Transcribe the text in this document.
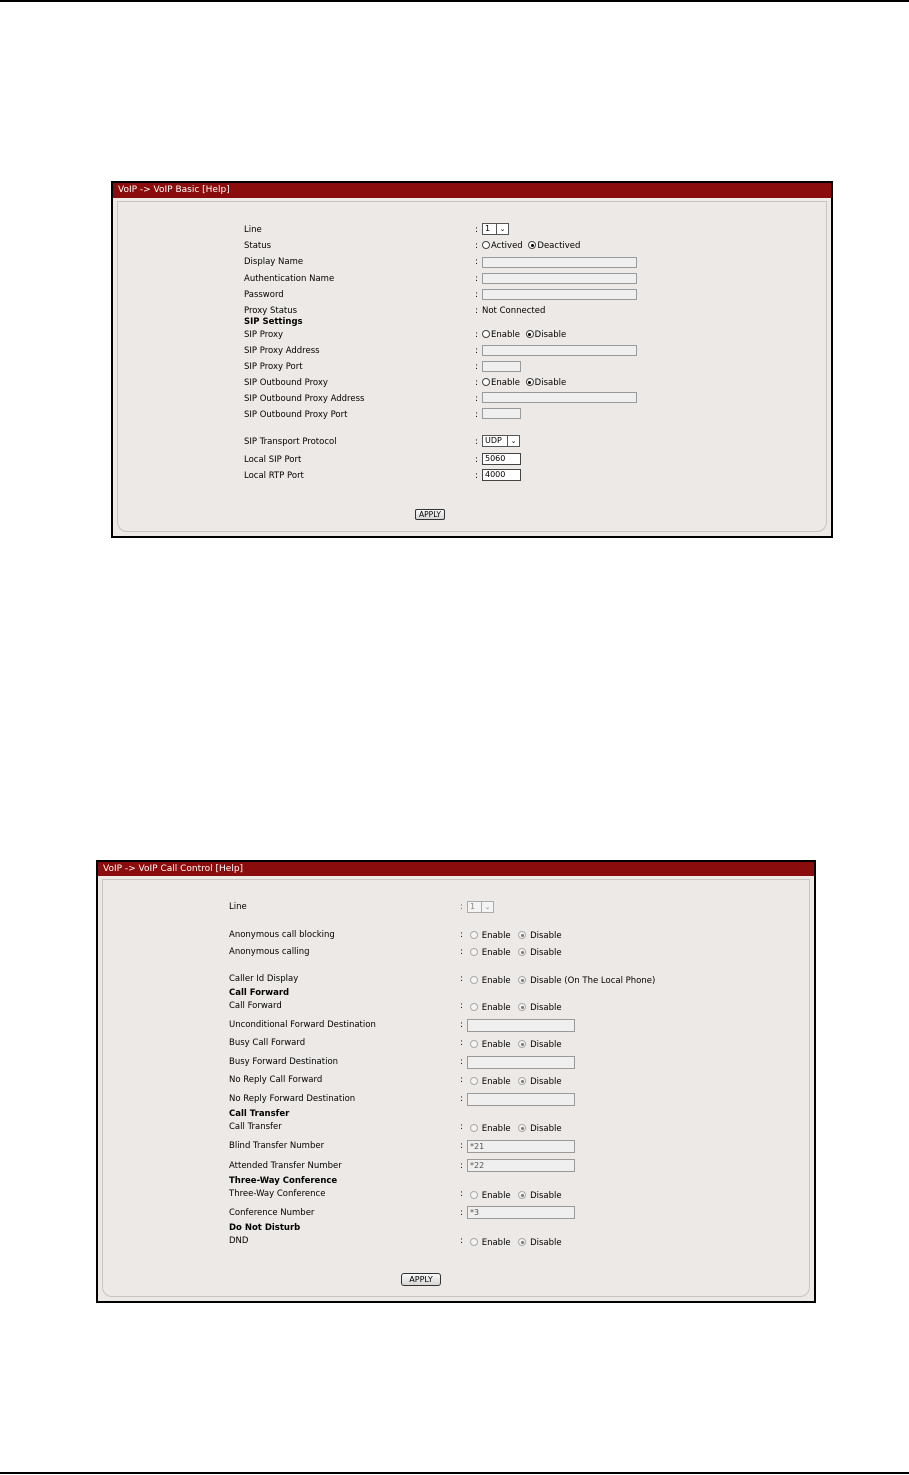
VoIP -> VoIP Basic [Help]
Line	: 1	⌄
Status	:	Actived Deactived
Display Name	:
Authentication Name	:
Password	:
Proxy Status	: Not Connected
SIP Settings
SIP Proxy	:	Enable Disable
SIP Proxy Address	:
SIP Proxy Port	:
SIP Outbound Proxy	:	Enable Disable
SIP Outbound Proxy Address	:
SIP Outbound Proxy Port	:
SIP Transport Protocol	: UDP	⌄
Local SIP Port	: 5060
Local RTP Port	: 4000
APPLY
VoIP -> VoIP Call Control [Help]
Line	: 1	⌄
Anonymous call blocking	:	Enable Disable
Anonymous calling	:	Enable Disable
Caller Id Display	:	Enable Disable (On The Local Phone)
Call Forward
Call Forward	:	Enable Disable
Unconditional Forward Destination	:
Busy Call Forward	:	Enable Disable
Busy Forward Destination	:
No Reply Call Forward	:	Enable Disable
No Reply Forward Destination	:
Call Transfer
Call Transfer	:	Enable Disable
Blind Transfer Number	: *21
Attended Transfer Number	: *22
Three-Way Conference
Three-Way Conference	:	Enable Disable
Conference Number	: *3
Do Not Disturb
DND	:	Enable Disable
APPLY
